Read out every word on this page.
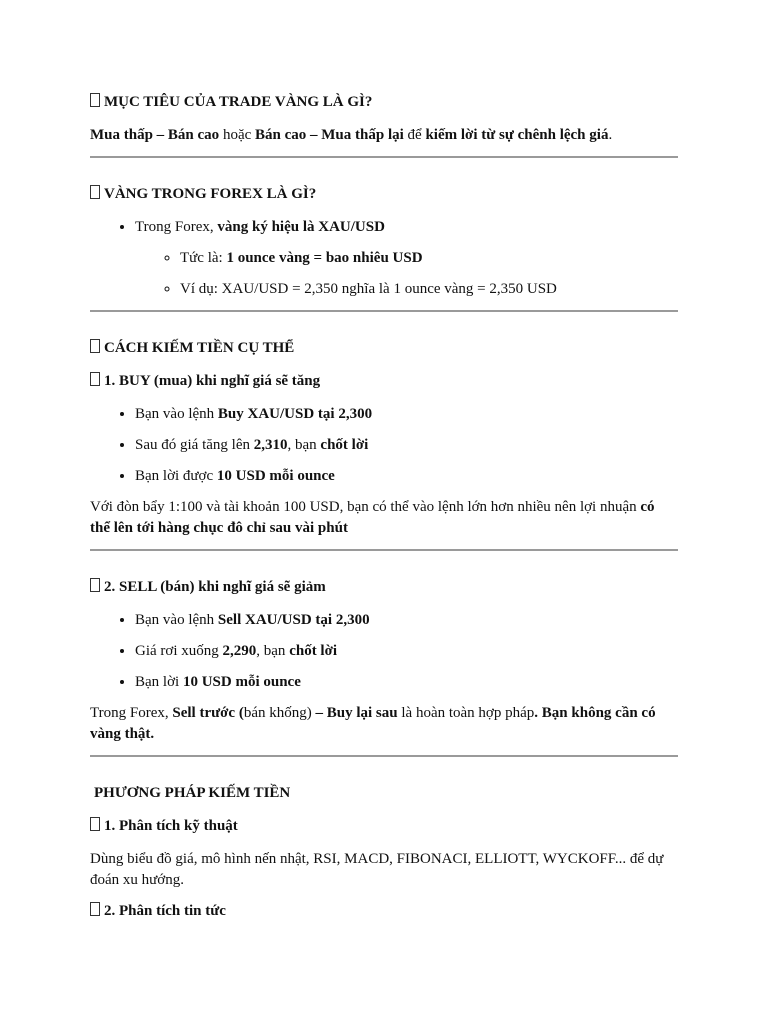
MỤC TIÊU CỦA TRADE VÀNG LÀ GÌ?

Mua thấp – Bán cao hoặc Bán cao – Mua thấp lại để kiếm lời từ sự chênh lệch giá.

VÀNG TRONG FOREX LÀ GÌ?

• Trong Forex, vàng ký hiệu là XAU/USD
◦ Tức là: 1 ounce vàng = bao nhiêu USD
◦ Ví dụ: XAU/USD = 2,350 nghĩa là 1 ounce vàng = 2,350 USD

CÁCH KIẾM TIỀN CỤ THỂ

1. BUY (mua) khi nghĩ giá sẽ tăng

• Bạn vào lệnh Buy XAU/USD tại 2,300
• Sau đó giá tăng lên 2,310, bạn chốt lời
• Bạn lời được 10 USD mỗi ounce

Với đòn bẩy 1:100 và tài khoản 100 USD, bạn có thể vào lệnh lớn hơn nhiều nên lợi nhuận có thể lên tới hàng chục đô chỉ sau vài phút

2. SELL (bán) khi nghĩ giá sẽ giảm

• Bạn vào lệnh Sell XAU/USD tại 2,300
• Giá rơi xuống 2,290, bạn chốt lời
• Bạn lời 10 USD mỗi ounce

Trong Forex, Sell trước (bán khống) – Buy lại sau là hoàn toàn hợp pháp. Bạn không cần có vàng thật.

PHƯƠNG PHÁP KIẾM TIỀN

1. Phân tích kỹ thuật

Dùng biểu đồ giá, mô hình nến nhật, RSI, MACD, FIBONACI, ELLIOTT, WYCKOFF... để dự đoán xu hướng.

2. Phân tích tin tức
